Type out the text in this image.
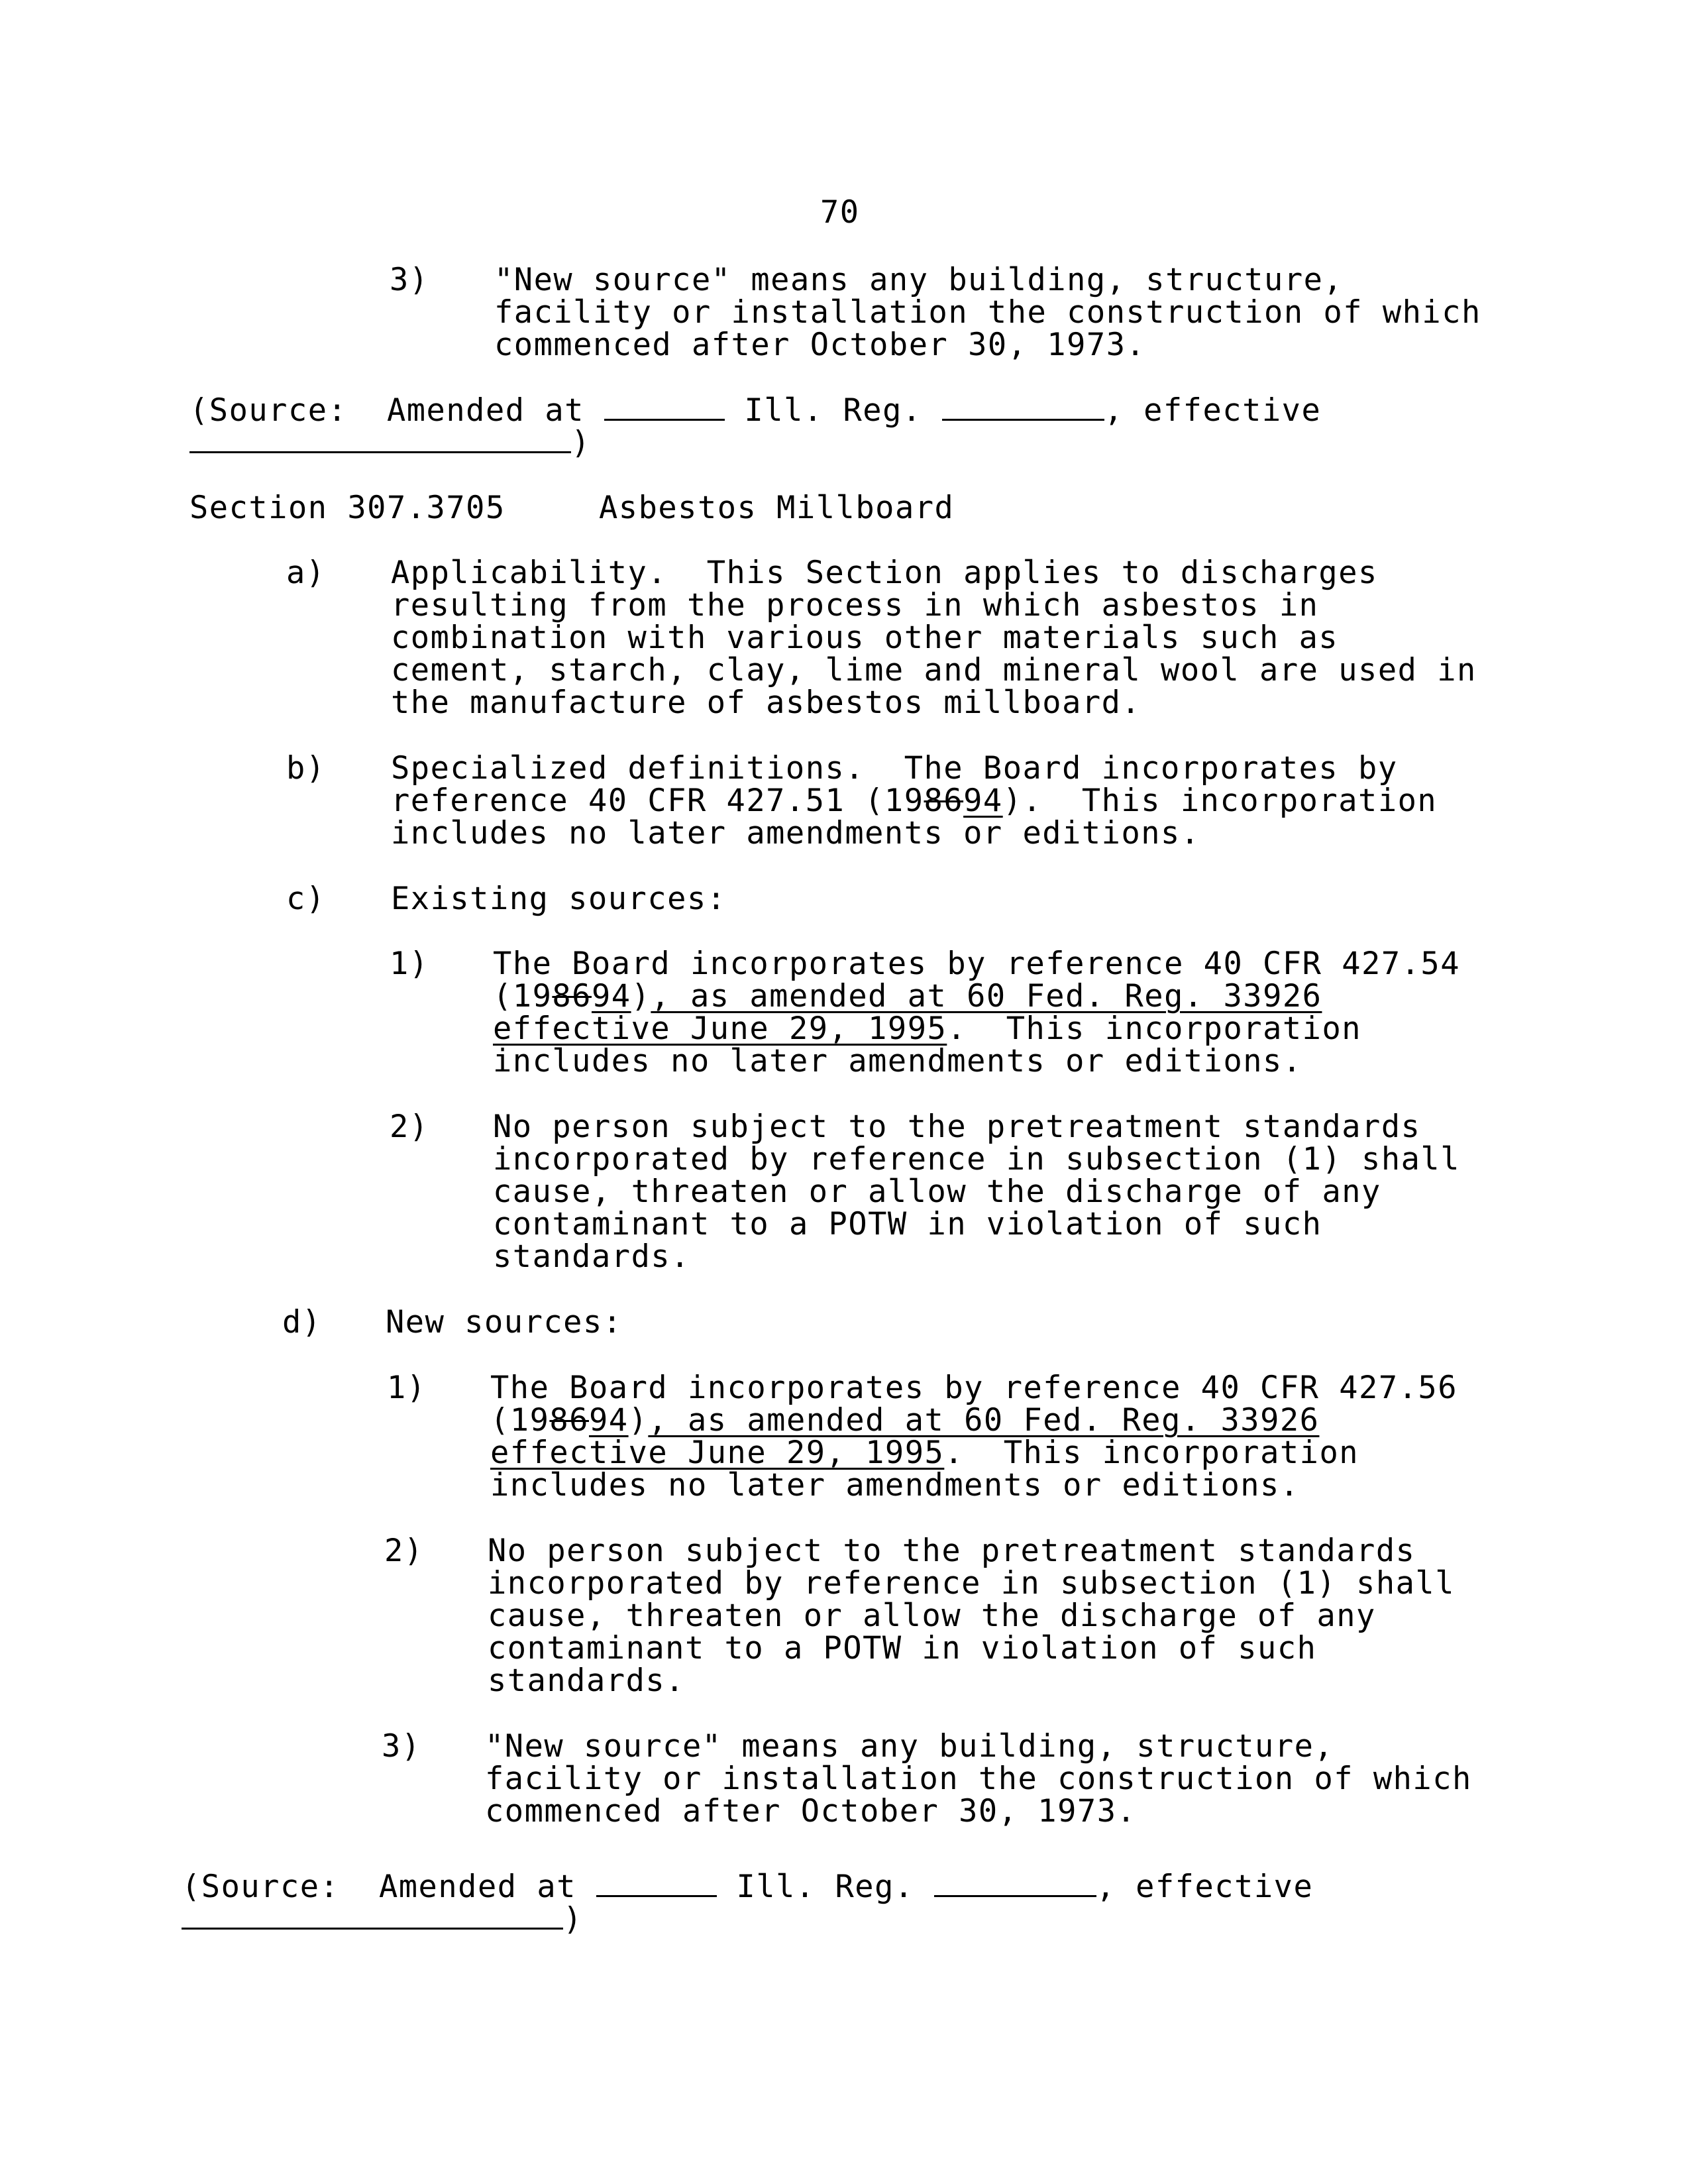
70
3) "New source" means any building, structure,
facility or installation the construction of which
commenced after October 30, 1973.
(Source: Amended at	Ill. Reg.	, effective
)
Section 307.3705	Asbestos Millboard
a) Applicability.  This Section applies to discharges
resulting from the process in which asbestos in
combination with various other materials such as
cement, starch, clay, lime and mineral wool are used in
the manufacture of asbestos millboard.
b) Specialized definitions.  The Board incorporates by
reference 40 CFR 427.51 (198694).  This incorporation
includes no later amendments or editions.
c) Existing sources:
1) The Board incorporates by reference 40 CFR 427.54
(198694), as amended at 60 Fed. Reg. 33926
effective June 29, 1995.  This incorporation
includes no later amendments or editions.
2) No person subject to the pretreatment standards
incorporated by reference in subsection (1) shall
cause, threaten or allow the discharge of any
contaminant to a POTW in violation of such
standards.
d) New sources:
1) The Board incorporates by reference 40 CFR 427.56
(198694), as amended at 60 Fed. Reg. 33926
effective June 29, 1995.  This incorporation
includes no later amendments or editions.
2) No person subject to the pretreatment standards
incorporated by reference in subsection (1) shall
cause, threaten or allow the discharge of any
contaminant to a POTW in violation of such
standards.
3) "New source" means any building, structure,
facility or installation the construction of which
commenced after October 30, 1973.
(Source: Amended at	Ill. Reg.	, effective
)
